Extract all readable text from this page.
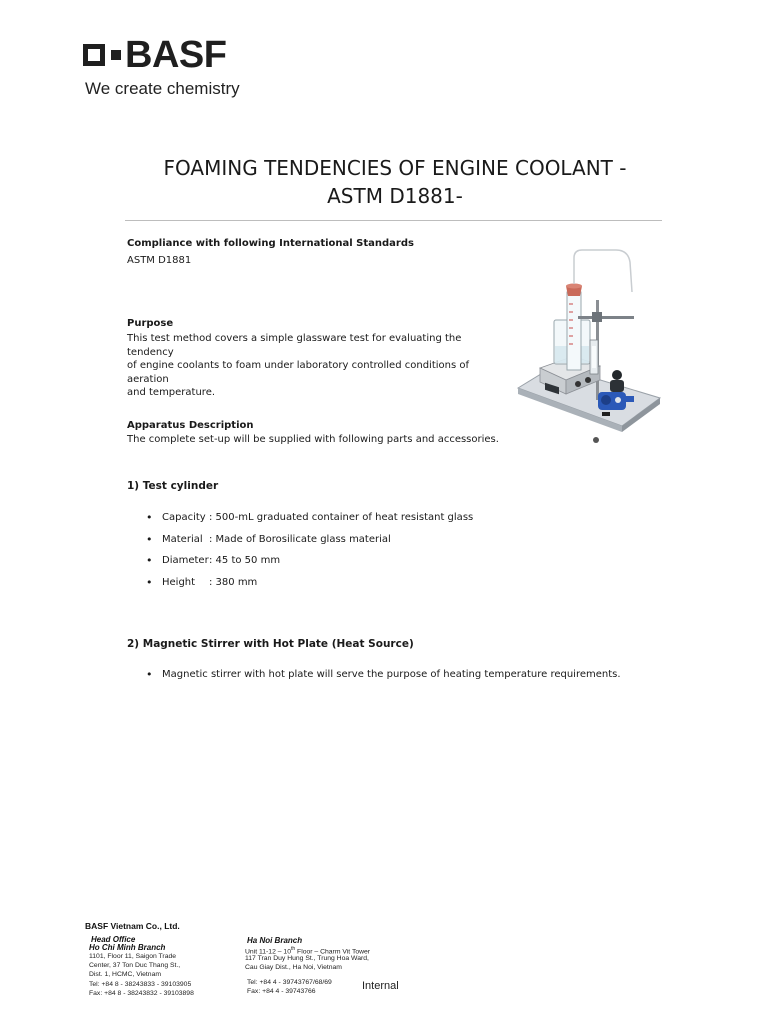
BASF
We create chemistry
FOAMING TENDENCIES OF ENGINE COOLANT -
ASTM D1881-
Compliance with following International Standards
ASTM D1881
Purpose
This test method covers a simple glassware test for evaluating the tendency
of engine coolants to foam under laboratory controlled conditions of aeration
and temperature.
Apparatus Description
The complete set-up will be supplied with following parts and accessories.
1) Test cylinder
• Capacity : 500-mL graduated container of heat resistant glass
• Material : Made of Borosilicate glass material
• Diameter: 45 to 50 mm
• Height : 380 mm
2) Magnetic Stirrer with Hot Plate (Heat Source)
• Magnetic stirrer with hot plate will serve the purpose of heating temperature requirements.
BASF Vietnam Co., Ltd.
Head Office
Ho Chi Minh Branch
1101, Floor 11, Saigon Trade
Center, 37 Ton Duc Thang St.,
Dist. 1, HCMC, Vietnam
Tel: +84 8 - 38243833 - 39103905
Fax: +84 8 - 38243832 - 39103898
Ha Noi Branch
Unit 11-12 – 10th Floor – Charm Vit Tower
117 Tran Duy Hung St., Trung Hoa Ward,
Cau Giay Dist., Ha Noi, Vietnam
Tel: +84 4 - 39743767/68/69
Fax: +84 4 - 39743766	Internal
